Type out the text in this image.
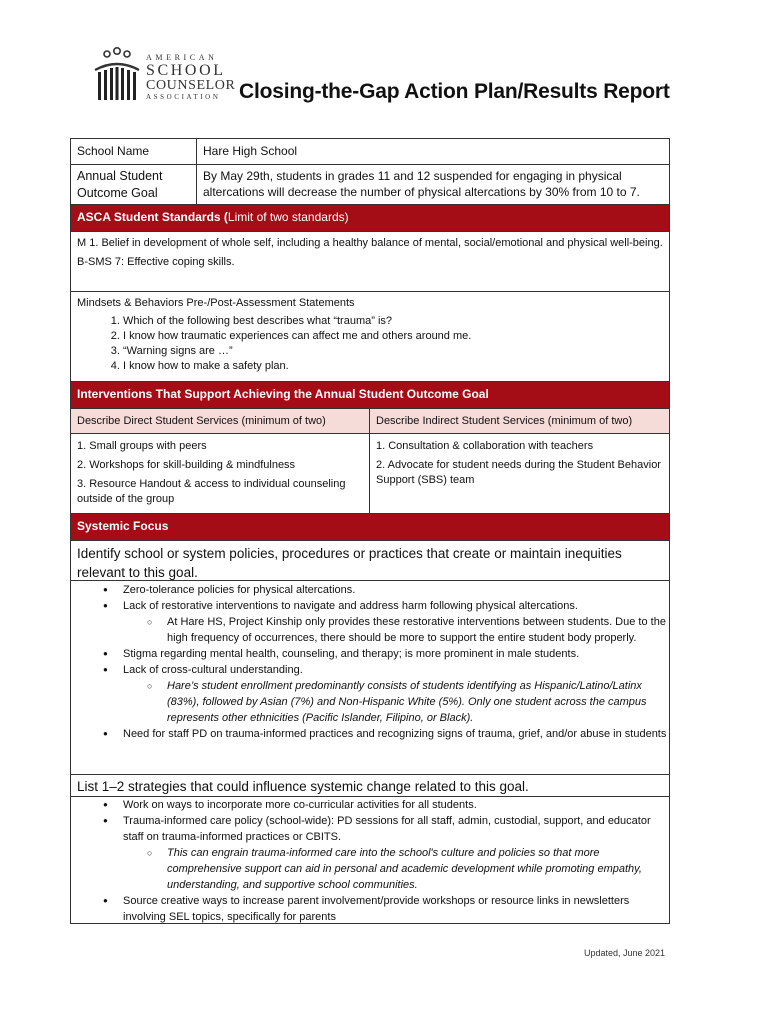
AMERICAN
SCHOOL
COUNSELOR
ASSOCIATION Closing-the-Gap Action Plan/Results Report
School Name	Hare High School
Annual Student Outcome Goal
By May 29th, students in grades 11 and 12 suspended for engaging in physical altercations will decrease the number of physical altercations by 30% from 10 to 7.
ASCA Student Standards (Limit of two standards)
M 1. Belief in development of whole self, including a healthy balance of mental, social/emotional and physical well-being.
B-SMS 7: Effective coping skills.
Mindsets & Behaviors Pre-/Post-Assessment Statements
1. Which of the following best describes what “trauma” is?
2. I know how traumatic experiences can affect me and others around me.
3. “Warning signs are …”
4. I know how to make a safety plan.
Interventions That Support Achieving the Annual Student Outcome Goal
Describe Direct Student Services (minimum of two)	Describe Indirect Student Services (minimum of two)
1. Small groups with peers
2. Workshops for skill-building & mindfulness
3. Resource Handout & access to individual counseling outside of the group
1. Consultation & collaboration with teachers
2. Advocate for student needs during the Student Behavior Support (SBS) team
Systemic Focus
Identify school or system policies, procedures or practices that create or maintain inequities relevant to this goal.
● Zero-tolerance policies for physical altercations.
● Lack of restorative interventions to navigate and address harm following physical altercations.
○ At Hare HS, Project Kinship only provides these restorative interventions between students. Due to the high frequency of occurrences, there should be more to support the entire student body properly.
● Stigma regarding mental health, counseling, and therapy; is more prominent in male students.
● Lack of cross-cultural understanding.
○ Hare’s student enrollment predominantly consists of students identifying as Hispanic/Latino/Latinx (83%), followed by Asian (7%) and Non-Hispanic White (5%). Only one student across the campus represents other ethnicities (Pacific Islander, Filipino, or Black).
● Need for staff PD on trauma-informed practices and recognizing signs of trauma, grief, and/or abuse in students
List 1–2 strategies that could influence systemic change related to this goal.
● Work on ways to incorporate more co-curricular activities for all students.
● Trauma-informed care policy (school-wide): PD sessions for all staff, admin, custodial, support, and educator staff on trauma-informed practices or CBITS.
○ This can engrain trauma-informed care into the school's culture and policies so that more comprehensive support can aid in personal and academic development while promoting empathy, understanding, and supportive school communities.
● Source creative ways to increase parent involvement/provide workshops or resource links in newsletters involving SEL topics, specifically for parents
Updated, June 2021
